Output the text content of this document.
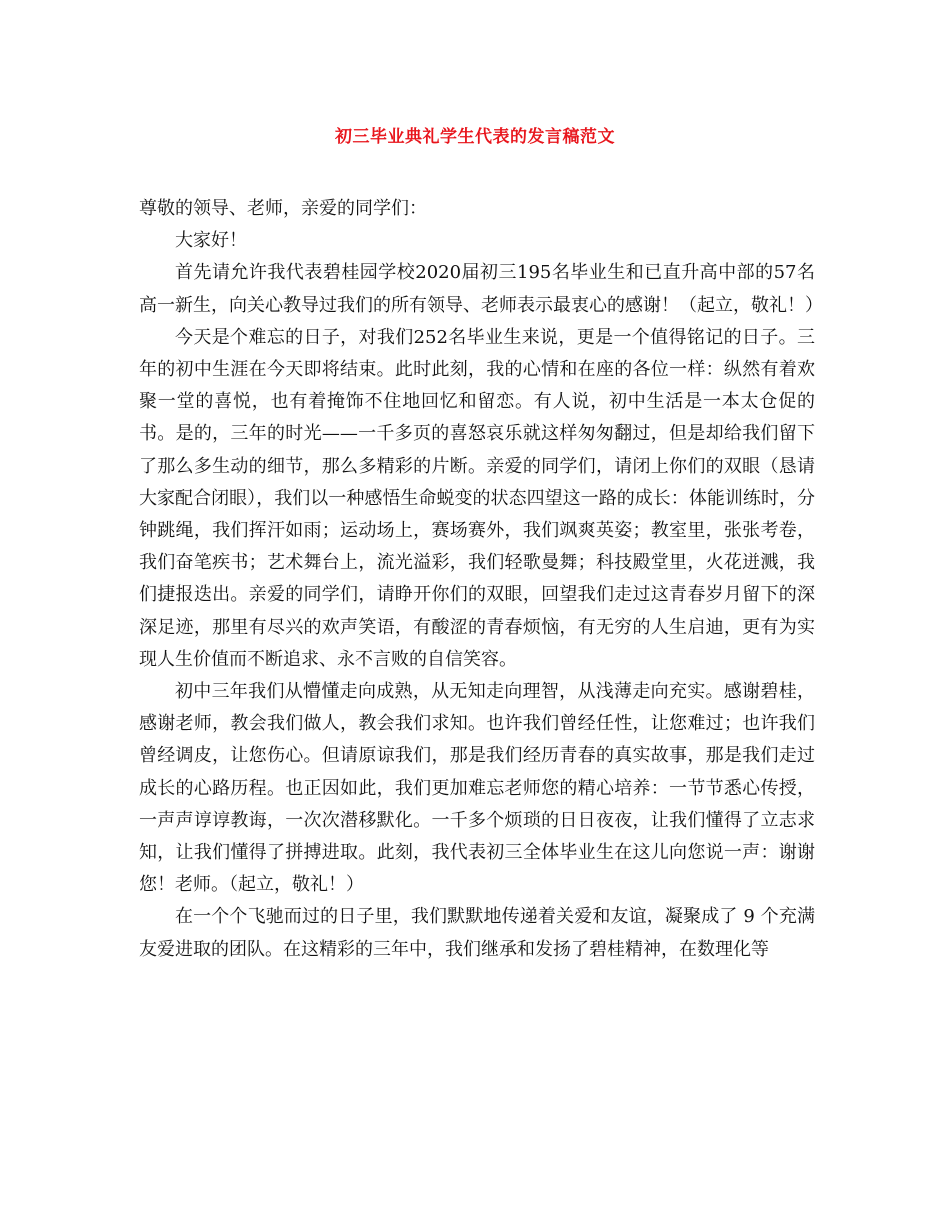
初三毕业典礼学生代表的发言稿范文

尊敬的领导、老师，亲爱的同学们：

大家好！

首先请允许我代表碧桂园学校2020届初三195名毕业生和已直升高中部的57名高一新生，向关心教导过我们的所有领导、老师表示最衷心的感谢！（起立，敬礼！）

今天是个难忘的日子，对我们252名毕业生来说，更是一个值得铭记的日子。三年的初中生涯在今天即将结束。此时此刻，我的心情和在座的各位一样：纵然有着欢聚一堂的喜悦，也有着掩饰不住地回忆和留恋。有人说，初中生活是一本太仓促的书。是的，三年的时光——一千多页的喜怒哀乐就这样匆匆翻过，但是却给我们留下了那么多生动的细节，那么多精彩的片断。亲爱的同学们，请闭上你们的双眼（恳请大家配合闭眼），我们以一种感悟生命蜕变的状态四望这一路的成长：体能训练时，分钟跳绳，我们挥汗如雨；运动场上，赛场赛外，我们飒爽英姿；教室里，张张考卷，我们奋笔疾书；艺术舞台上，流光溢彩，我们轻歌曼舞；科技殿堂里，火花迸溅，我们捷报迭出。亲爱的同学们，请睁开你们的双眼，回望我们走过这青春岁月留下的深深足迹，那里有尽兴的欢声笑语，有酸涩的青春烦恼，有无穷的人生启迪，更有为实现人生价值而不断追求、永不言败的自信笑容。

初中三年我们从懵懂走向成熟，从无知走向理智，从浅薄走向充实。感谢碧桂，感谢老师，教会我们做人，教会我们求知。也许我们曾经任性，让您难过；也许我们曾经调皮，让您伤心。但请原谅我们，那是我们经历青春的真实故事，那是我们走过成长的心路历程。也正因如此，我们更加难忘老师您的精心培养：一节节悉心传授，一声声谆谆教诲，一次次潜移默化。一千多个烦琐的日日夜夜，让我们懂得了立志求知，让我们懂得了拼搏进取。此刻，我代表初三全体毕业生在这儿向您说一声：谢谢您！老师。（起立，敬礼！）

在一个个飞驰而过的日子里，我们默默地传递着关爱和友谊，凝聚成了 9 个充满友爱进取的团队。在这精彩的三年中，我们继承和发扬了碧桂精神，在数理化等
